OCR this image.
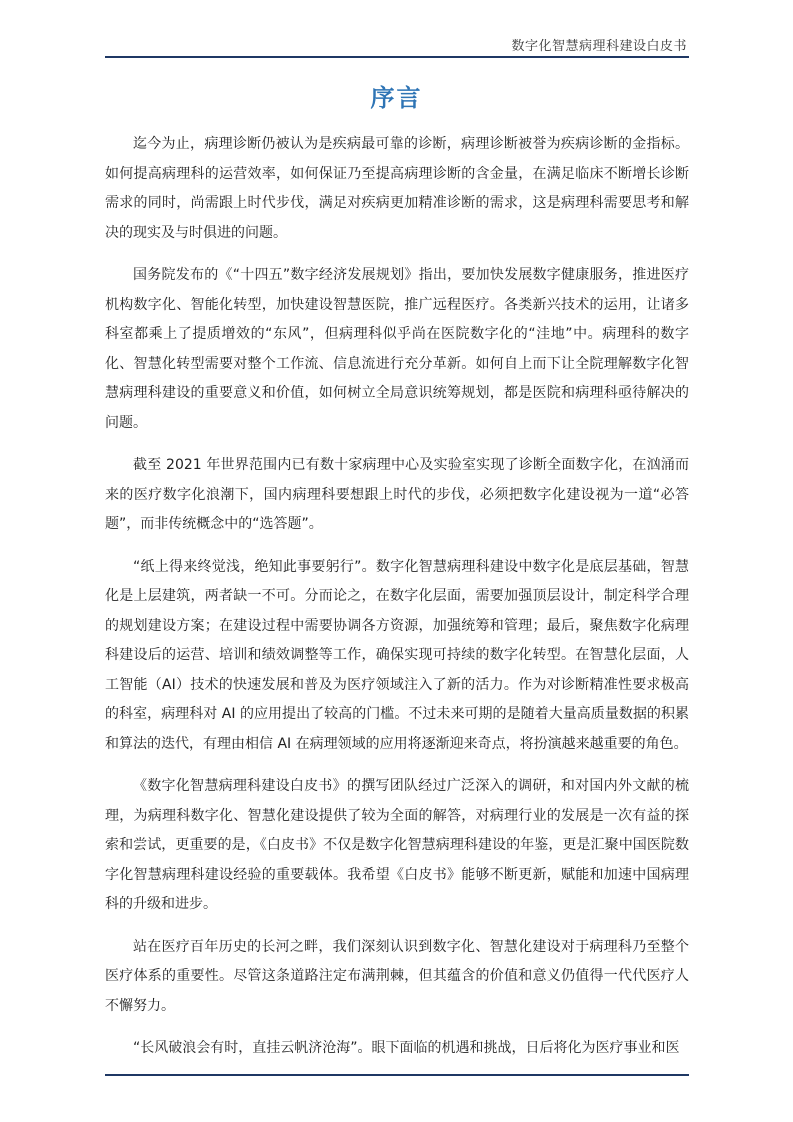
数字化智慧病理科建设白皮书
序言

迄今为止，病理诊断仍被认为是疾病最可靠的诊断，病理诊断被誉为疾病诊断的金指标。如何提高病理科的运营效率，如何保证乃至提高病理诊断的含金量，在满足临床不断增长诊断需求的同时，尚需跟上时代步伐，满足对疾病更加精准诊断的需求，这是病理科需要思考和解决的现实及与时俱进的问题。

国务院发布的《“十四五”数字经济发展规划》指出，要加快发展数字健康服务，推进医疗机构数字化、智能化转型，加快建设智慧医院，推广远程医疗。各类新兴技术的运用，让诸多科室都乘上了提质增效的“东风”，但病理科似乎尚在医院数字化的“洼地”中。病理科的数字化、智慧化转型需要对整个工作流、信息流进行充分革新。如何自上而下让全院理解数字化智慧病理科建设的重要意义和价值，如何树立全局意识统筹规划，都是医院和病理科亟待解决的问题。

截至 2021 年世界范围内已有数十家病理中心及实验室实现了诊断全面数字化，在汹涌而来的医疗数字化浪潮下，国内病理科要想跟上时代的步伐，必须把数字化建设视为一道“必答题”，而非传统概念中的“选答题”。

“纸上得来终觉浅，绝知此事要躬行”。数字化智慧病理科建设中数字化是底层基础，智慧化是上层建筑，两者缺一不可。分而论之，在数字化层面，需要加强顶层设计，制定科学合理的规划建设方案；在建设过程中需要协调各方资源，加强统筹和管理；最后，聚焦数字化病理科建设后的运营、培训和绩效调整等工作，确保实现可持续的数字化转型。在智慧化层面，人工智能（AI）技术的快速发展和普及为医疗领域注入了新的活力。作为对诊断精准性要求极高的科室，病理科对 AI 的应用提出了较高的门槛。不过未来可期的是随着大量高质量数据的积累和算法的迭代，有理由相信 AI 在病理领域的应用将逐渐迎来奇点，将扮演越来越重要的角色。

《数字化智慧病理科建设白皮书》的撰写团队经过广泛深入的调研，和对国内外文献的梳理，为病理科数字化、智慧化建设提供了较为全面的解答，对病理行业的发展是一次有益的探索和尝试，更重要的是，《白皮书》不仅是数字化智慧病理科建设的年鉴，更是汇聚中国医院数字化智慧病理科建设经验的重要载体。我希望《白皮书》能够不断更新，赋能和加速中国病理科的升级和进步。

站在医疗百年历史的长河之畔，我们深刻认识到数字化、智慧化建设对于病理科乃至整个医疗体系的重要性。尽管这条道路注定布满荆棘，但其蕴含的价值和意义仍值得一代代医疗人不懈努力。

“长风破浪会有时，直挂云帆济沧海”。眼下面临的机遇和挑战，日后将化为医疗事业和医
